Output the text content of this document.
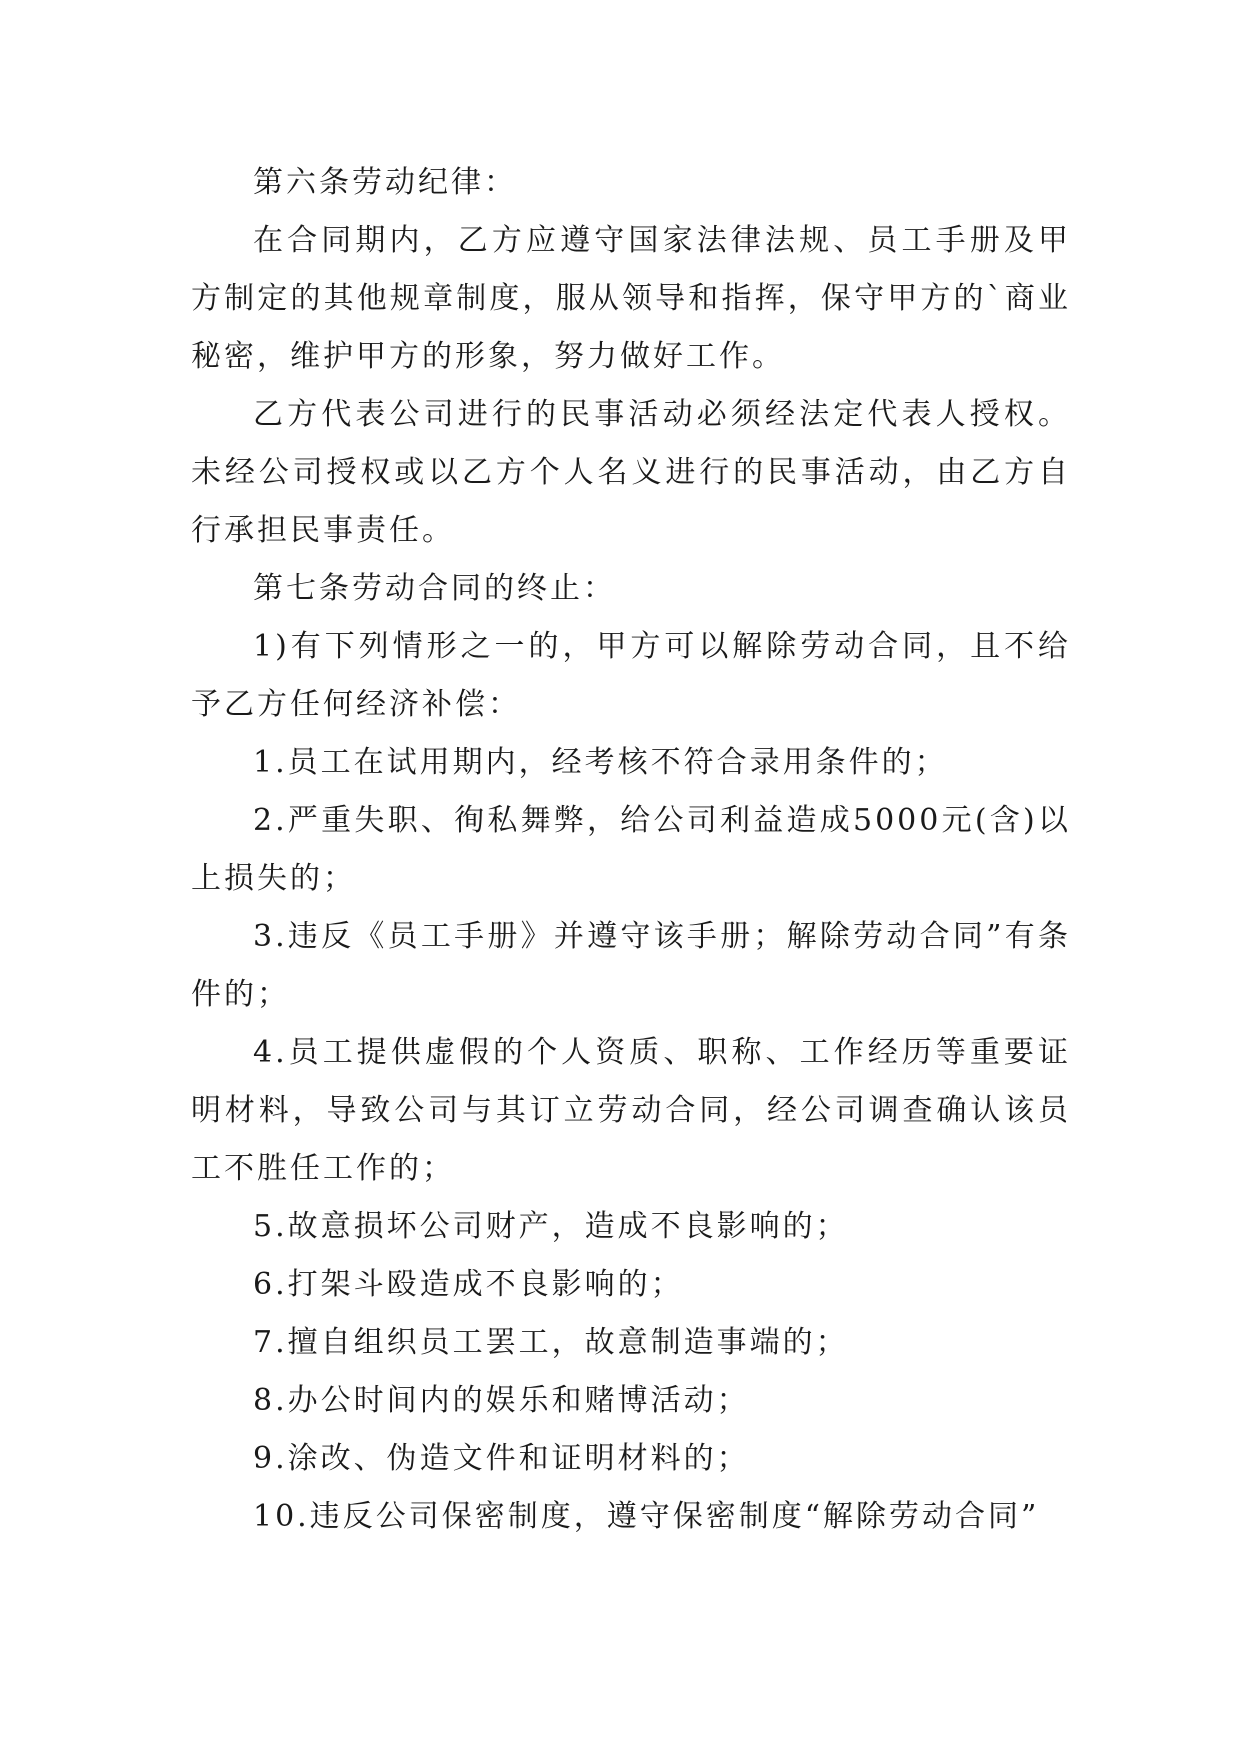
第六条劳动纪律：

在合同期内，乙方应遵守国家法律法规、员工手册及甲方制定的其他规章制度，服从领导和指挥，保守甲方的`商业秘密，维护甲方的形象，努力做好工作。

乙方代表公司进行的民事活动必须经法定代表人授权。未经公司授权或以乙方个人名义进行的民事活动，由乙方自行承担民事责任。

第七条劳动合同的终止：

1)有下列情形之一的，甲方可以解除劳动合同，且不给予乙方任何经济补偿：

1.员工在试用期内，经考核不符合录用条件的；

2.严重失职、徇私舞弊，给公司利益造成5000元(含)以上损失的；

3.违反《员工手册》并遵守该手册；解除劳动合同”有条件的；

4.员工提供虚假的个人资质、职称、工作经历等重要证明材料，导致公司与其订立劳动合同，经公司调查确认该员工不胜任工作的；

5.故意损坏公司财产，造成不良影响的；

6.打架斗殴造成不良影响的；

7.擅自组织员工罢工，故意制造事端的；

8.办公时间内的娱乐和赌博活动；

9.涂改、伪造文件和证明材料的；

10.违反公司保密制度，遵守保密制度“解除劳动合同”
